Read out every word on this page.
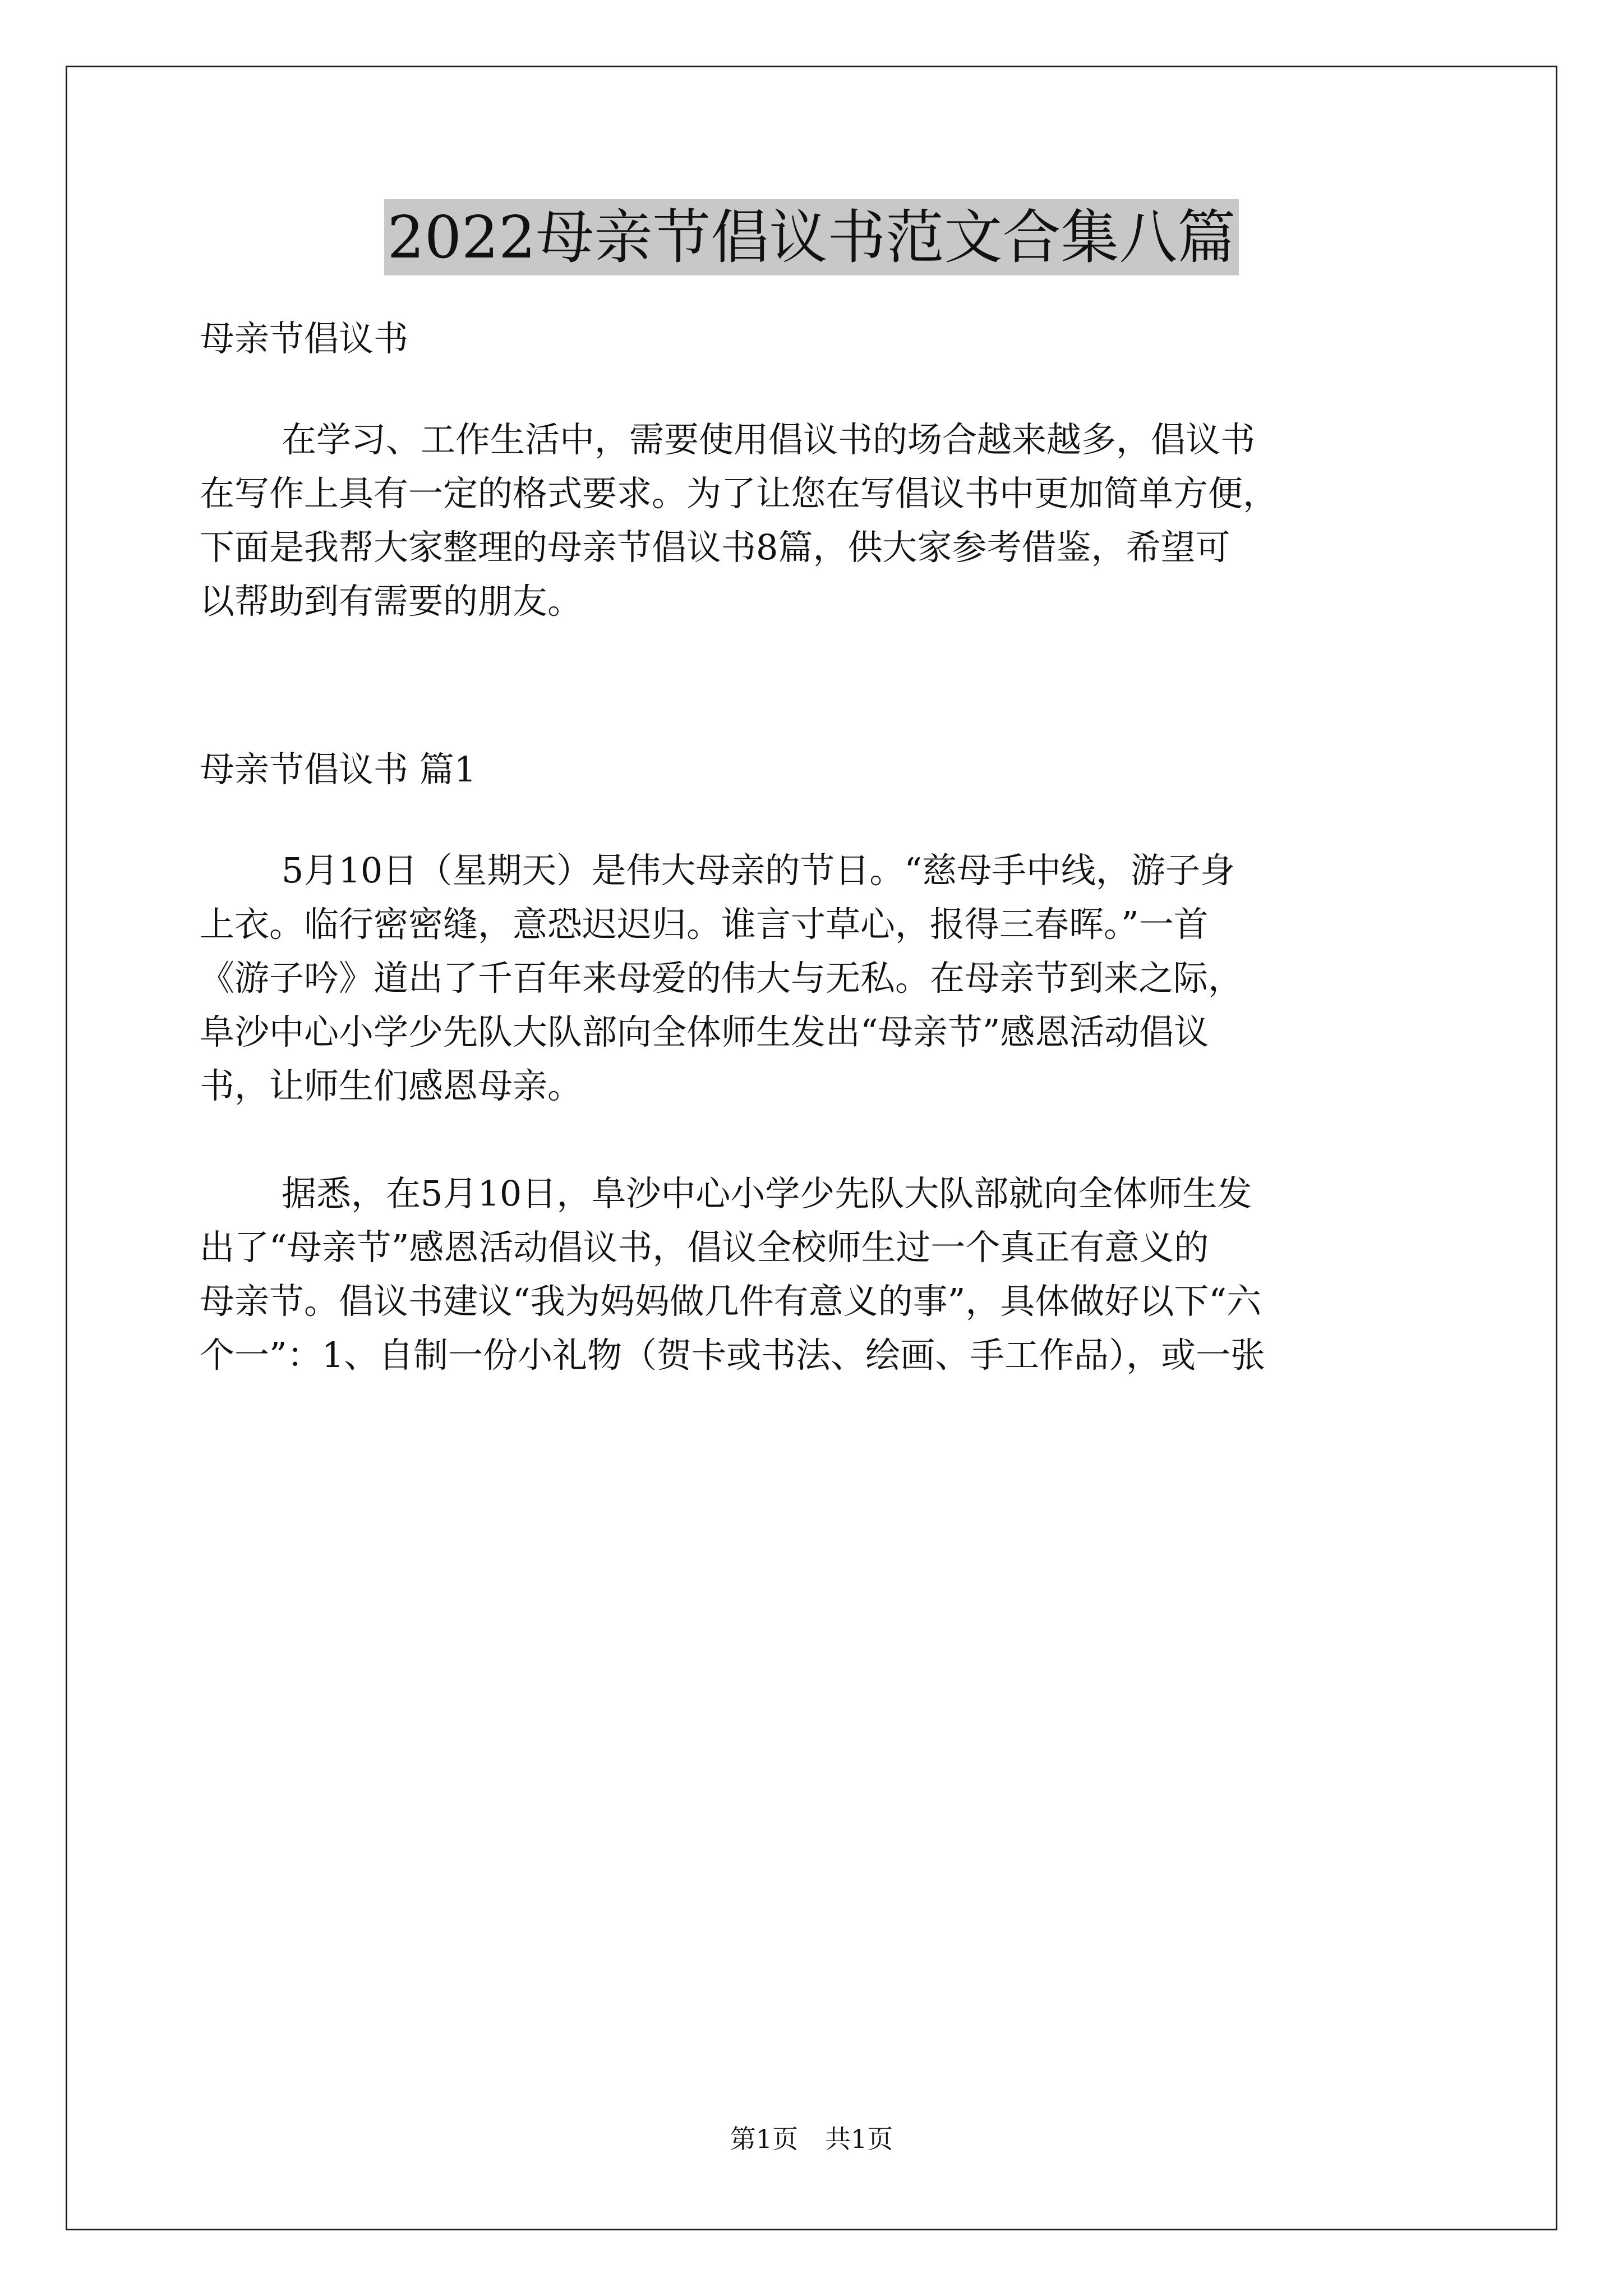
2022母亲节倡议书范文合集八篇

母亲节倡议书

在学习、工作生活中，需要使用倡议书的场合越来越多，倡议书
在写作上具有一定的格式要求。为了让您在写倡议书中更加简单方便，
下面是我帮大家整理的母亲节倡议书8篇，供大家参考借鉴，希望可
以帮助到有需要的朋友。

母亲节倡议书 篇1

5月10日（星期天）是伟大母亲的节日。“慈母手中线，游子身
上衣。临行密密缝，意恐迟迟归。谁言寸草心，报得三春晖。”一首
《游子吟》道出了千百年来母爱的伟大与无私。在母亲节到来之际，
阜沙中心小学少先队大队部向全体师生发出“母亲节”感恩活动倡议
书，让师生们感恩母亲。
据悉，在5月10日，阜沙中心小学少先队大队部就向全体师生发
出了“母亲节”感恩活动倡议书，倡议全校师生过一个真正有意义的
母亲节。倡议书建议“我为妈妈做几件有意义的事”，具体做好以下“六
个一”：1、自制一份小礼物（贺卡或书法、绘画、手工作品），或一张
第1页 共1页
